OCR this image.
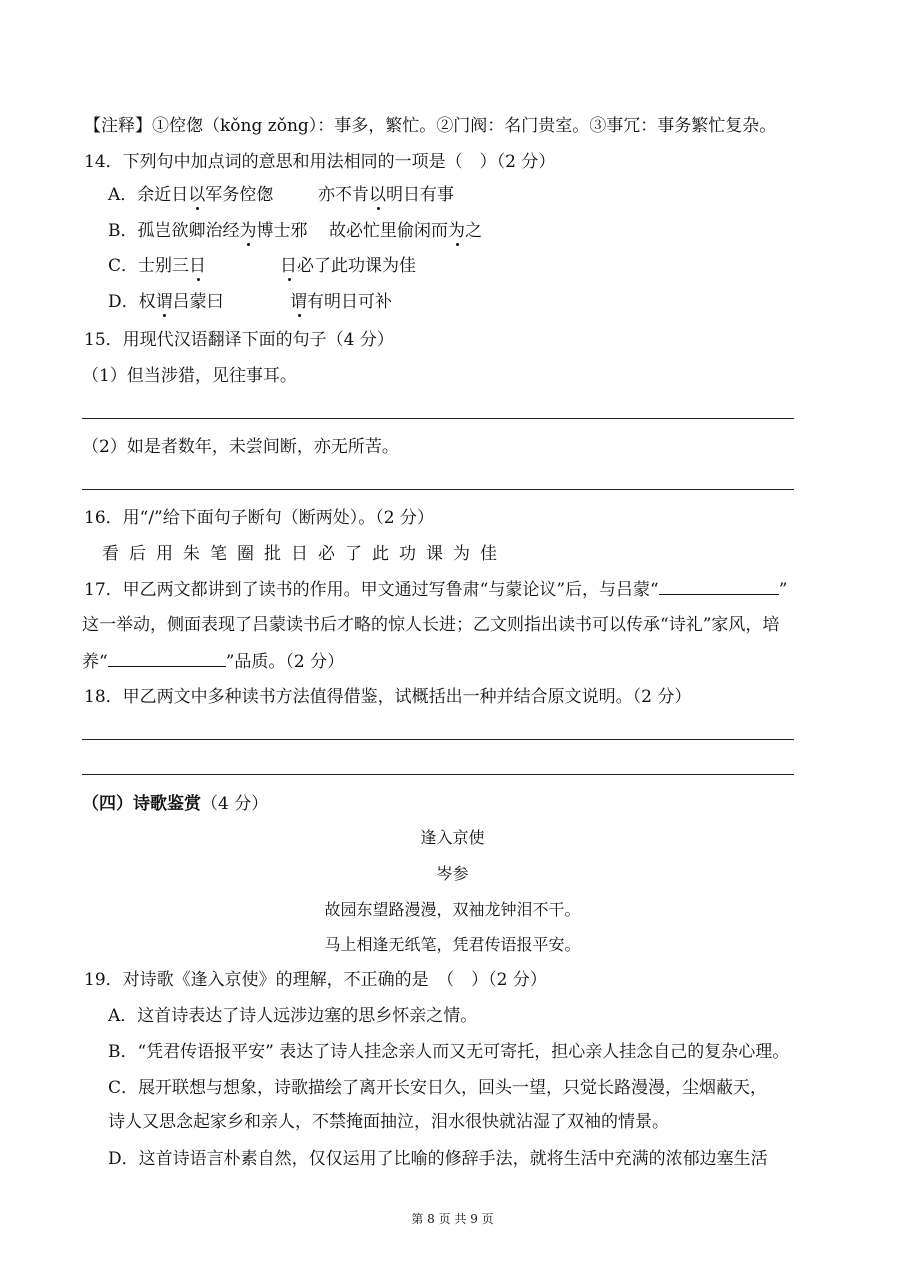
【注释】①倥偬（kǒng zǒng）：事多，繁忙。②门阀：名门贵室。③事冗：事务繁忙复杂。
14．下列句中加点词的意思和用法相同的一项是（　）（2 分）
A．余近日以军务倥偬	亦不肯以明日有事
B．孤岂欲卿治经为博士邪 故必忙里偷闲而为之
C．士别三日	日必了此功课为佳
D．权谓吕蒙曰	谓有明日可补
15．用现代汉语翻译下面的句子（4 分）
（1）但当涉猎，见往事耳。
（2）如是者数年，未尝间断，亦无所苦。
16．用“/”给下面句子断句（断两处）。（2 分）
看后用朱笔圈批日必了此功课为佳
17．甲乙两文都讲到了读书的作用。甲文通过写鲁肃“与蒙论议”后，与吕蒙“	”
这一举动，侧面表现了吕蒙读书后才略的惊人长进；乙文则指出读书可以传承“诗礼”家风，培
养“	”品质。（2 分）
18．甲乙两文中多种读书方法值得借鉴，试概括出一种并结合原文说明。（2 分）
（四）诗歌鉴赏（4 分）
逢入京使
岑参
故园东望路漫漫，双袖龙钟泪不干。
马上相逢无纸笔，凭君传语报平安。
19．对诗歌《逢入京使》的理解，不正确的是　（　）（2 分）
A．这首诗表达了诗人远涉边塞的思乡怀亲之情。
B．“凭君传语报平安” 表达了诗人挂念亲人而又无可寄托，担心亲人挂念自己的复杂心理。
C．展开联想与想象，诗歌描绘了离开长安日久，回头一望，只觉长路漫漫，尘烟蔽天，
诗人又思念起家乡和亲人，不禁掩面抽泣，泪水很快就沾湿了双袖的情景。
D．这首诗语言朴素自然，仅仅运用了比喻的修辞手法，就将生活中充满的浓郁边塞生活
第 8 页 共 9 页
